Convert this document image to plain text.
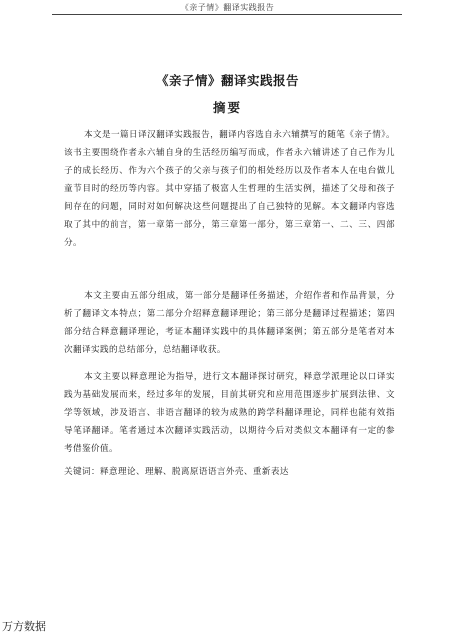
《亲子情》翻译实践报告
《亲子情》翻译实践报告
摘要
本文是一篇日译汉翻译实践报告，翻译内容选自永六辅撰写的随笔《亲子情》。该书主要围绕作者永六辅自身的生活经历编写而成，作者永六辅讲述了自己作为儿子的成长经历、作为六个孩子的父亲与孩子们的相处经历以及作者本人在电台做儿童节目时的经历等内容。其中穿插了极富人生哲理的生活实例，描述了父母和孩子间存在的问题，同时对如何解决这些问题提出了自己独特的见解。本文翻译内容选取了其中的前言，第一章第一部分，第三章第一部分，第三章第一、二、三、四部分。
本文主要由五部分组成，第一部分是翻译任务描述，介绍作者和作品背景，分析了翻译文本特点；第二部分介绍释意翻译理论；第三部分是翻译过程描述；第四部分结合释意翻译理论，考证本翻译实践中的具体翻译案例；第五部分是笔者对本次翻译实践的总结部分，总结翻译收获。
本文主要以释意理论为指导，进行文本翻译探讨研究，释意学派理论以口译实践为基础发展而来，经过多年的发展，目前其研究和应用范围逐步扩展到法律、文学等领域，涉及语言、非语言翻译的较为成熟的跨学科翻译理论，同样也能有效指导笔译翻译。笔者通过本次翻译实践活动，以期待今后对类似文本翻译有一定的参考借鉴价值。
关键词：释意理论、理解、脱离原语语言外壳、重新表达
万方数据
